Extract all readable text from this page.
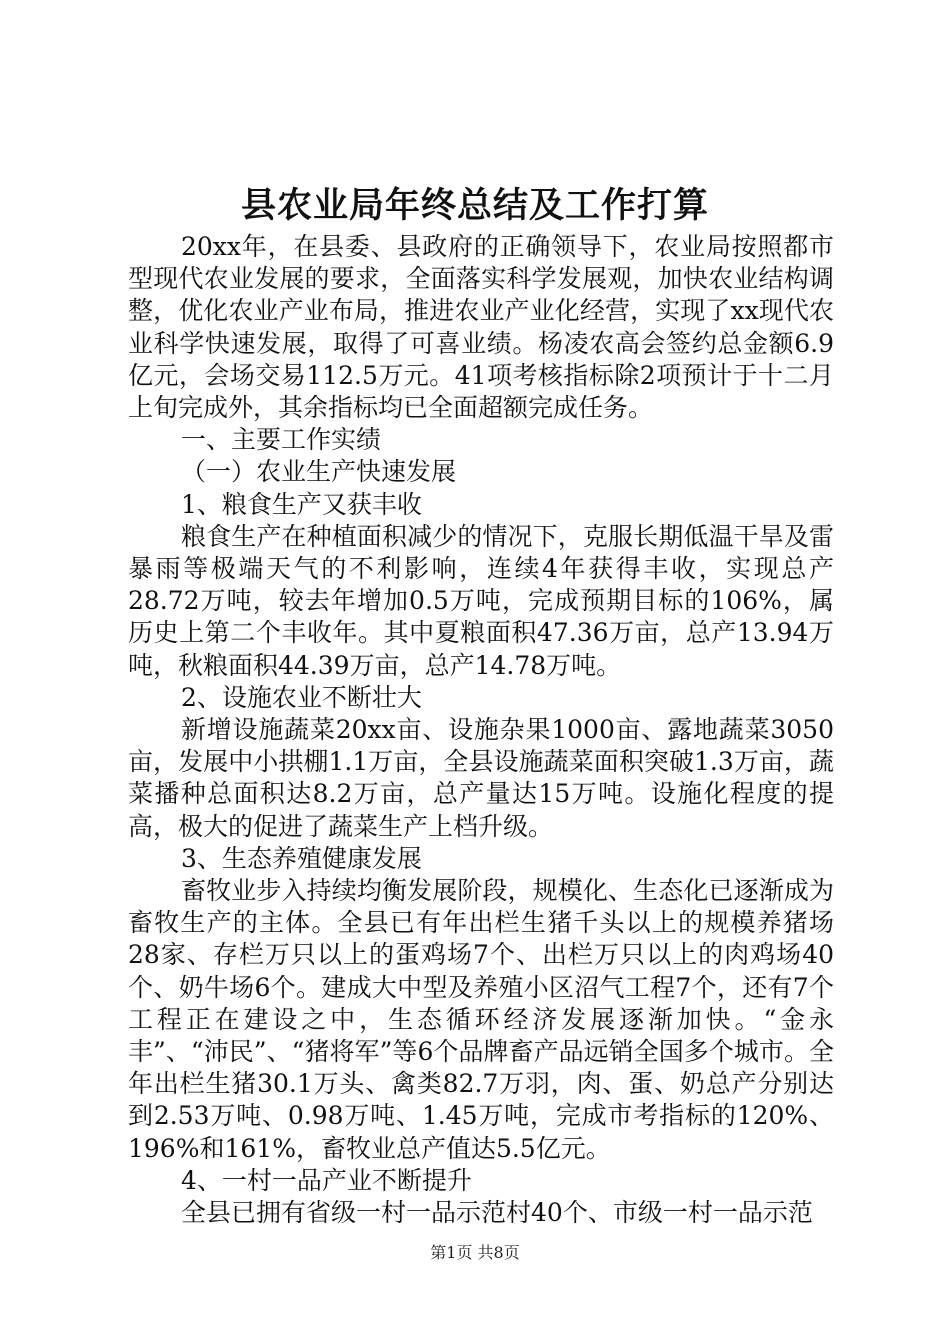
县农业局年终总结及工作打算

20xx年，在县委、县政府的正确领导下，农业局按照都市型现代农业发展的要求，全面落实科学发展观，加快农业结构调整，优化农业产业布局，推进农业产业化经营，实现了xx现代农业科学快速发展，取得了可喜业绩。杨凌农高会签约总金额6.9亿元，会场交易112.5万元。41项考核指标除2项预计于十二月上旬完成外，其余指标均已全面超额完成任务。

一、主要工作实绩

（一）农业生产快速发展

1、粮食生产又获丰收

粮食生产在种植面积减少的情况下，克服长期低温干旱及雷暴雨等极端天气的不利影响，连续4年获得丰收，实现总产28.72万吨，较去年增加0.5万吨，完成预期目标的106%，属历史上第二个丰收年。其中夏粮面积47.36万亩，总产13.94万吨，秋粮面积44.39万亩，总产14.78万吨。

2、设施农业不断壮大

新增设施蔬菜20xx亩、设施杂果1000亩、露地蔬菜3050亩，发展中小拱棚1.1万亩，全县设施蔬菜面积突破1.3万亩，蔬菜播种总面积达8.2万亩，总产量达15万吨。设施化程度的提高，极大的促进了蔬菜生产上档升级。

3、生态养殖健康发展

畜牧业步入持续均衡发展阶段，规模化、生态化已逐渐成为畜牧生产的主体。全县已有年出栏生猪千头以上的规模养猪场28家、存栏万只以上的蛋鸡场7个、出栏万只以上的肉鸡场40个、奶牛场6个。建成大中型及养殖小区沼气工程7个，还有7个工程正在建设之中，生态循环经济发展逐渐加快。“金永丰”、“沛民”、“猪将军”等6个品牌畜产品远销全国多个城市。全年出栏生猪30.1万头、禽类82.7万羽，肉、蛋、奶总产分别达到2.53万吨、0.98万吨、1.45万吨，完成市考指标的120%、196%和161%，畜牧业总产值达5.5亿元。

4、一村一品产业不断提升

全县已拥有省级一村一品示范村40个、市级一村一品示范

第1页 共8页
